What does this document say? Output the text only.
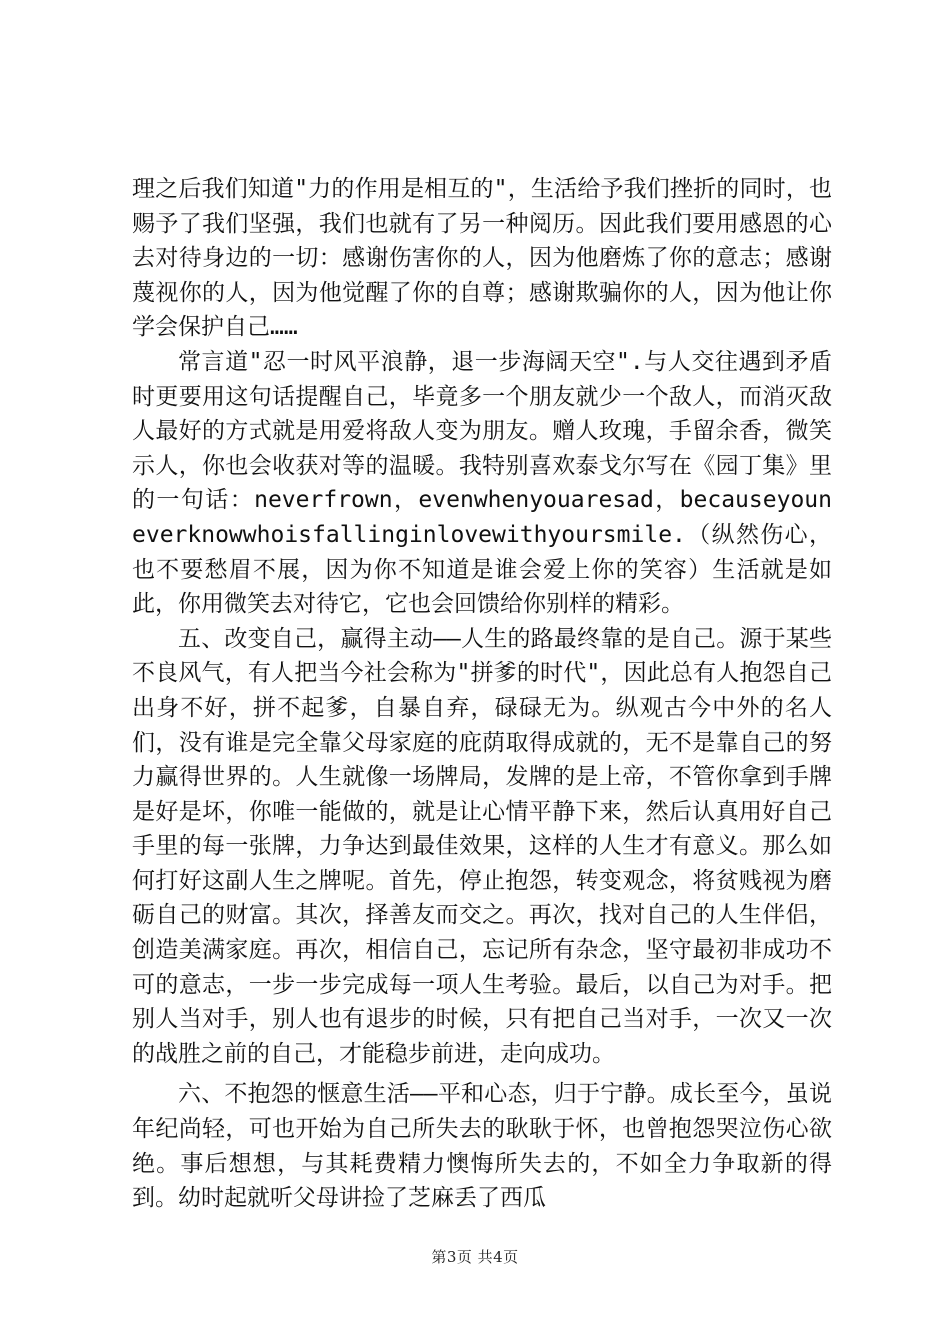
理之后我们知道"力的作用是相互的"，生活给予我们挫折的同时，也赐予了我们坚强，我们也就有了另一种阅历。因此我们要用感恩的心去对待身边的一切：感谢伤害你的人，因为他磨炼了你的意志；感谢蔑视你的人，因为他觉醒了你的自尊；感谢欺骗你的人，因为他让你学会保护自己……

常言道"忍一时风平浪静，退一步海阔天空".与人交往遇到矛盾时更要用这句话提醒自己，毕竟多一个朋友就少一个敌人，而消灭敌人最好的方式就是用爱将敌人变为朋友。赠人玫瑰，手留余香，微笑示人，你也会收获对等的温暖。我特别喜欢泰戈尔写在《园丁集》里的一句话：neverfrown，evenwhenyouaresad，becauseyouneverknowwhoisfallinginlovewithyoursmile.（纵然伤心，也不要愁眉不展，因为你不知道是谁会爱上你的笑容）生活就是如此，你用微笑去对待它，它也会回馈给你别样的精彩。

五、改变自己，赢得主动——人生的路最终靠的是自己。源于某些不良风气，有人把当今社会称为"拼爹的时代"，因此总有人抱怨自己出身不好，拼不起爹，自暴自弃，碌碌无为。纵观古今中外的名人们，没有谁是完全靠父母家庭的庇荫取得成就的，无不是靠自己的努力赢得世界的。人生就像一场牌局，发牌的是上帝，不管你拿到手牌是好是坏，你唯一能做的，就是让心情平静下来，然后认真用好自己手里的每一张牌，力争达到最佳效果，这样的人生才有意义。那么如何打好这副人生之牌呢。首先，停止抱怨，转变观念，将贫贱视为磨砺自己的财富。其次，择善友而交之。再次，找对自己的人生伴侣，创造美满家庭。再次，相信自己，忘记所有杂念，坚守最初非成功不可的意志，一步一步完成每一项人生考验。最后，以自己为对手。把别人当对手，别人也有退步的时候，只有把自己当对手，一次又一次的战胜之前的自己，才能稳步前进，走向成功。

六、不抱怨的惬意生活——平和心态，归于宁静。成长至今，虽说年纪尚轻，可也开始为自己所失去的耿耿于怀，也曾抱怨哭泣伤心欲绝。事后想想，与其耗费精力懊悔所失去的，不如全力争取新的得到。幼时起就听父母讲捡了芝麻丢了西瓜

第3页 共4页
